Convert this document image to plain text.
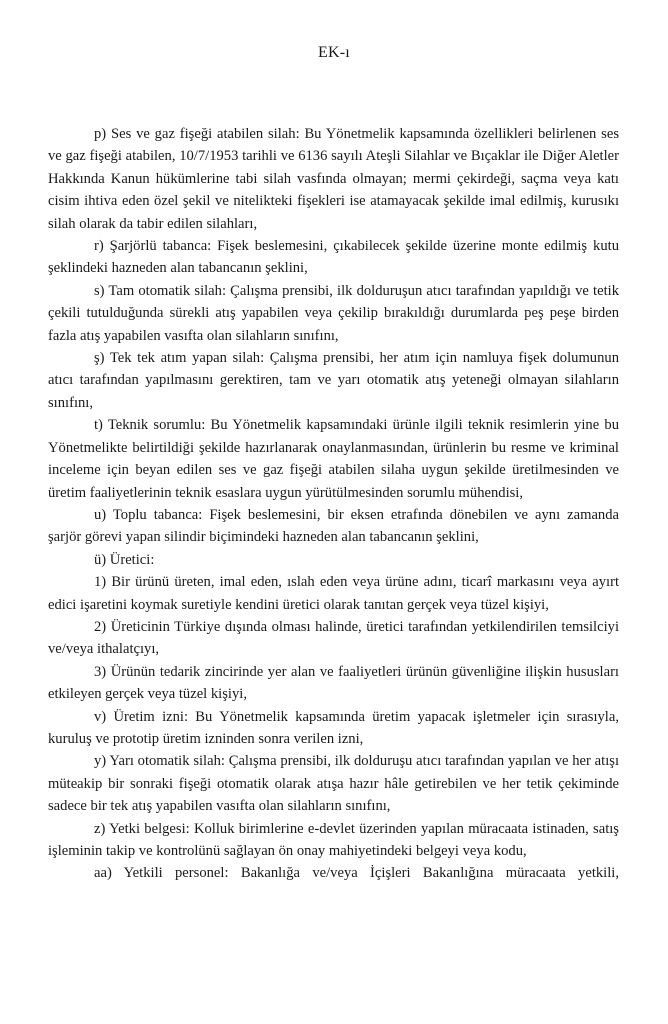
EK-ı

p) Ses ve gaz fişeği atabilen silah: Bu Yönetmelik kapsamında özellikleri belirlenen ses ve gaz fişeği atabilen, 10/7/1953 tarihli ve 6136 sayılı Ateşli Silahlar ve Bıçaklar ile Diğer Aletler Hakkında Kanun hükümlerine tabi silah vasfında olmayan; mermi çekirdeği, saçma veya katı cisim ihtiva eden özel şekil ve nitelikteki fişekleri ise atamayacak şekilde imal edilmiş, kurusıkı silah olarak da tabir edilen silahları,

r) Şarjörlü tabanca: Fişek beslemesini, çıkabilecek şekilde üzerine monte edilmiş kutu şeklindeki hazneden alan tabancanın şeklini,

s) Tam otomatik silah: Çalışma prensibi, ilk dolduruşun atıcı tarafından yapıldığı ve tetik çekili tutulduğunda sürekli atış yapabilen veya çekilip bırakıldığı durumlarda peş peşe birden fazla atış yapabilen vasıfta olan silahların sınıfını,

ş) Tek tek atım yapan silah: Çalışma prensibi, her atım için namluya fişek dolumunun atıcı tarafından yapılmasını gerektiren, tam ve yarı otomatik atış yeteneği olmayan silahların sınıfını,

t) Teknik sorumlu: Bu Yönetmelik kapsamındaki ürünle ilgili teknik resimlerin yine bu Yönetmelikte belirtildiği şekilde hazırlanarak onaylanmasından, ürünlerin bu resme ve kriminal inceleme için beyan edilen ses ve gaz fişeği atabilen silaha uygun şekilde üretilmesinden ve üretim faaliyetlerinin teknik esaslara uygun yürütülmesinden sorumlu mühendisi,

u) Toplu tabanca: Fişek beslemesini, bir eksen etrafında dönebilen ve aynı zamanda şarjör görevi yapan silindir biçimindeki hazneden alan tabancanın şeklini,

ü) Üretici:

1) Bir ürünü üreten, imal eden, ıslah eden veya ürüne adını, ticarî markasını veya ayırt edici işaretini koymak suretiyle kendini üretici olarak tanıtan gerçek veya tüzel kişiyi,

2) Üreticinin Türkiye dışında olması halinde, üretici tarafından yetkilendirilen temsilciyi ve/veya ithalatçıyı,

3) Ürünün tedarik zincirinde yer alan ve faaliyetleri ürünün güvenliğine ilişkin hususları etkileyen gerçek veya tüzel kişiyi,

v) Üretim izni: Bu Yönetmelik kapsamında üretim yapacak işletmeler için sırasıyla, kuruluş ve prototip üretim izninden sonra verilen izni,

y) Yarı otomatik silah: Çalışma prensibi, ilk dolduruşu atıcı tarafından yapılan ve her atışı müteakip bir sonraki fişeği otomatik olarak atışa hazır hâle getirebilen ve her tetik çekiminde sadece bir tek atış yapabilen vasıfta olan silahların sınıfını,

z) Yetki belgesi: Kolluk birimlerine e-devlet üzerinden yapılan müracaata istinaden, satış işleminin takip ve kontrolünü sağlayan ön onay mahiyetindeki belgeyi veya kodu,

aa) Yetkili personel: Bakanlığa ve/veya İçişleri Bakanlığına müracaata yetkili,
